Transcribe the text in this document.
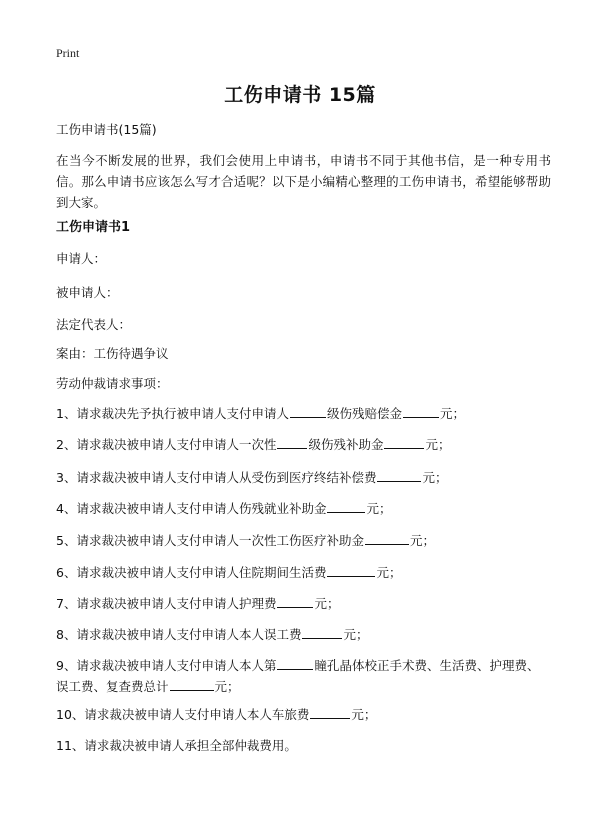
Print
工伤申请书 15篇
工伤申请书(15篇)

在当今不断发展的世界，我们会使用上申请书，申请书不同于其他书信，是一种专用书信。那么申请书应该怎么写才合适呢？以下是小编精心整理的工伤申请书，希望能够帮助到大家。

工伤申请书1
申请人：
被申请人：
法定代表人：
案由：工伤待遇争议
劳动仲裁请求事项：
1、请求裁决先予执行被申请人支付申请人	级伤残赔偿金	元；
2、请求裁决被申请人支付申请人一次性	级伤残补助金	元；
3、请求裁决被申请人支付申请人从受伤到医疗终结补偿费	元；
4、请求裁决被申请人支付申请人伤残就业补助金	元；
5、请求裁决被申请人支付申请人一次性工伤医疗补助金	元；
6、请求裁决被申请人支付申请人住院期间生活费	元；
7、请求裁决被申请人支付申请人护理费	元；
8、请求裁决被申请人支付申请人本人误工费	元；
9、请求裁决被申请人支付申请人本人第	瞳孔晶体校正手术费、生活费、护理费、误工费、复查费总计	元；
10、请求裁决被申请人支付申请人本人车旅费	元；
11、请求裁决被申请人承担全部仲裁费用。
